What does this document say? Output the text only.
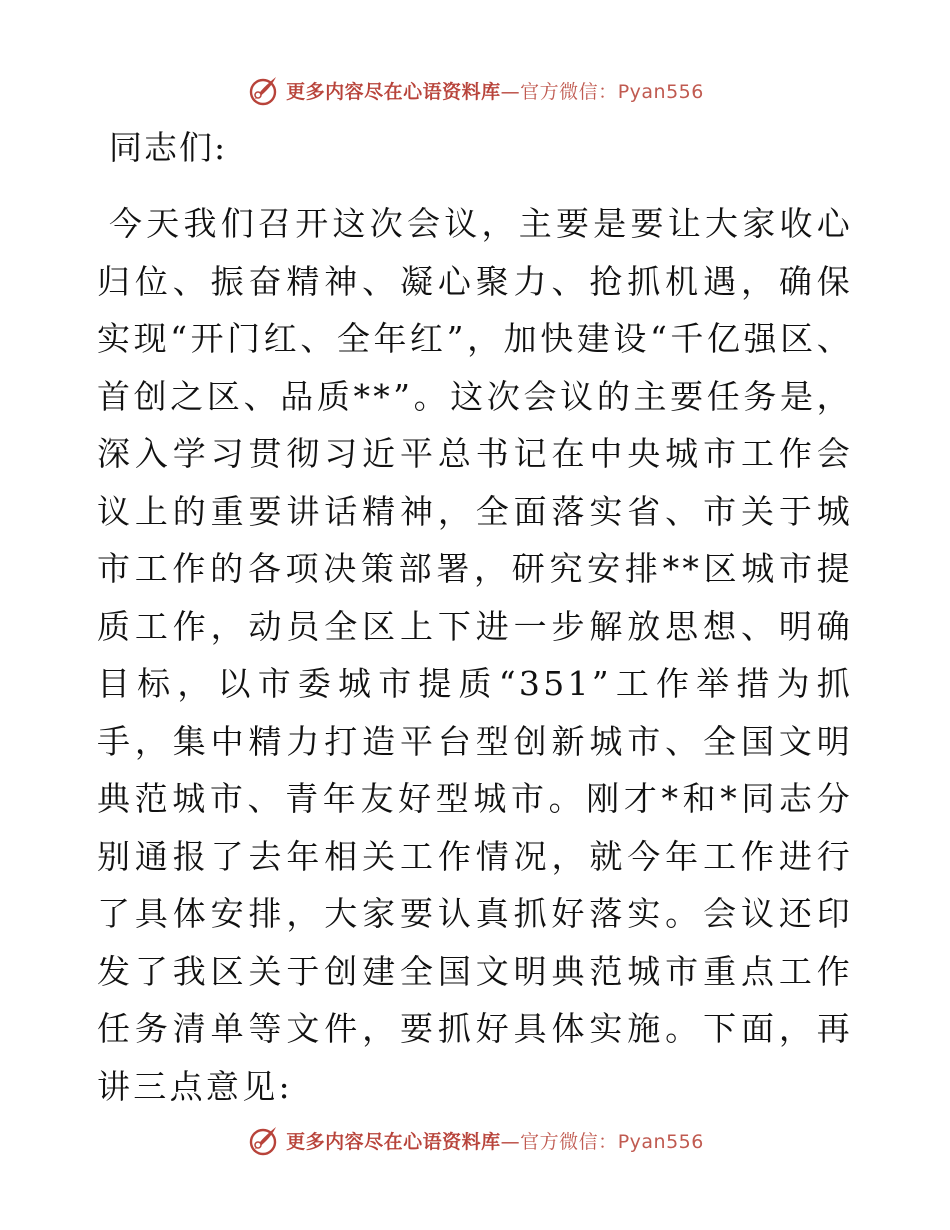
更多内容尽在心语资料库—官方微信：Pyan556

同志们:

今天我们召开这次会议，主要是要让大家收心归位、振奋精神、凝心聚力、抢抓机遇，确保实现“开门红、全年红”，加快建设“千亿强区、首创之区、品质**”。这次会议的主要任务是，深入学习贯彻习近平总书记在中央城市工作会议上的重要讲话精神，全面落实省、市关于城市工作的各项决策部署，研究安排**区城市提质工作，动员全区上下进一步解放思想、明确目标，以市委城市提质“351”工作举措为抓手，集中精力打造平台型创新城市、全国文明典范城市、青年友好型城市。刚才*和*同志分别通报了去年相关工作情况，就今年工作进行了具体安排，大家要认真抓好落实。会议还印发了我区关于创建全国文明典范城市重点工作任务清单等文件，要抓好具体实施。下面，再讲三点意见:

更多内容尽在心语资料库—官方微信：Pyan556
